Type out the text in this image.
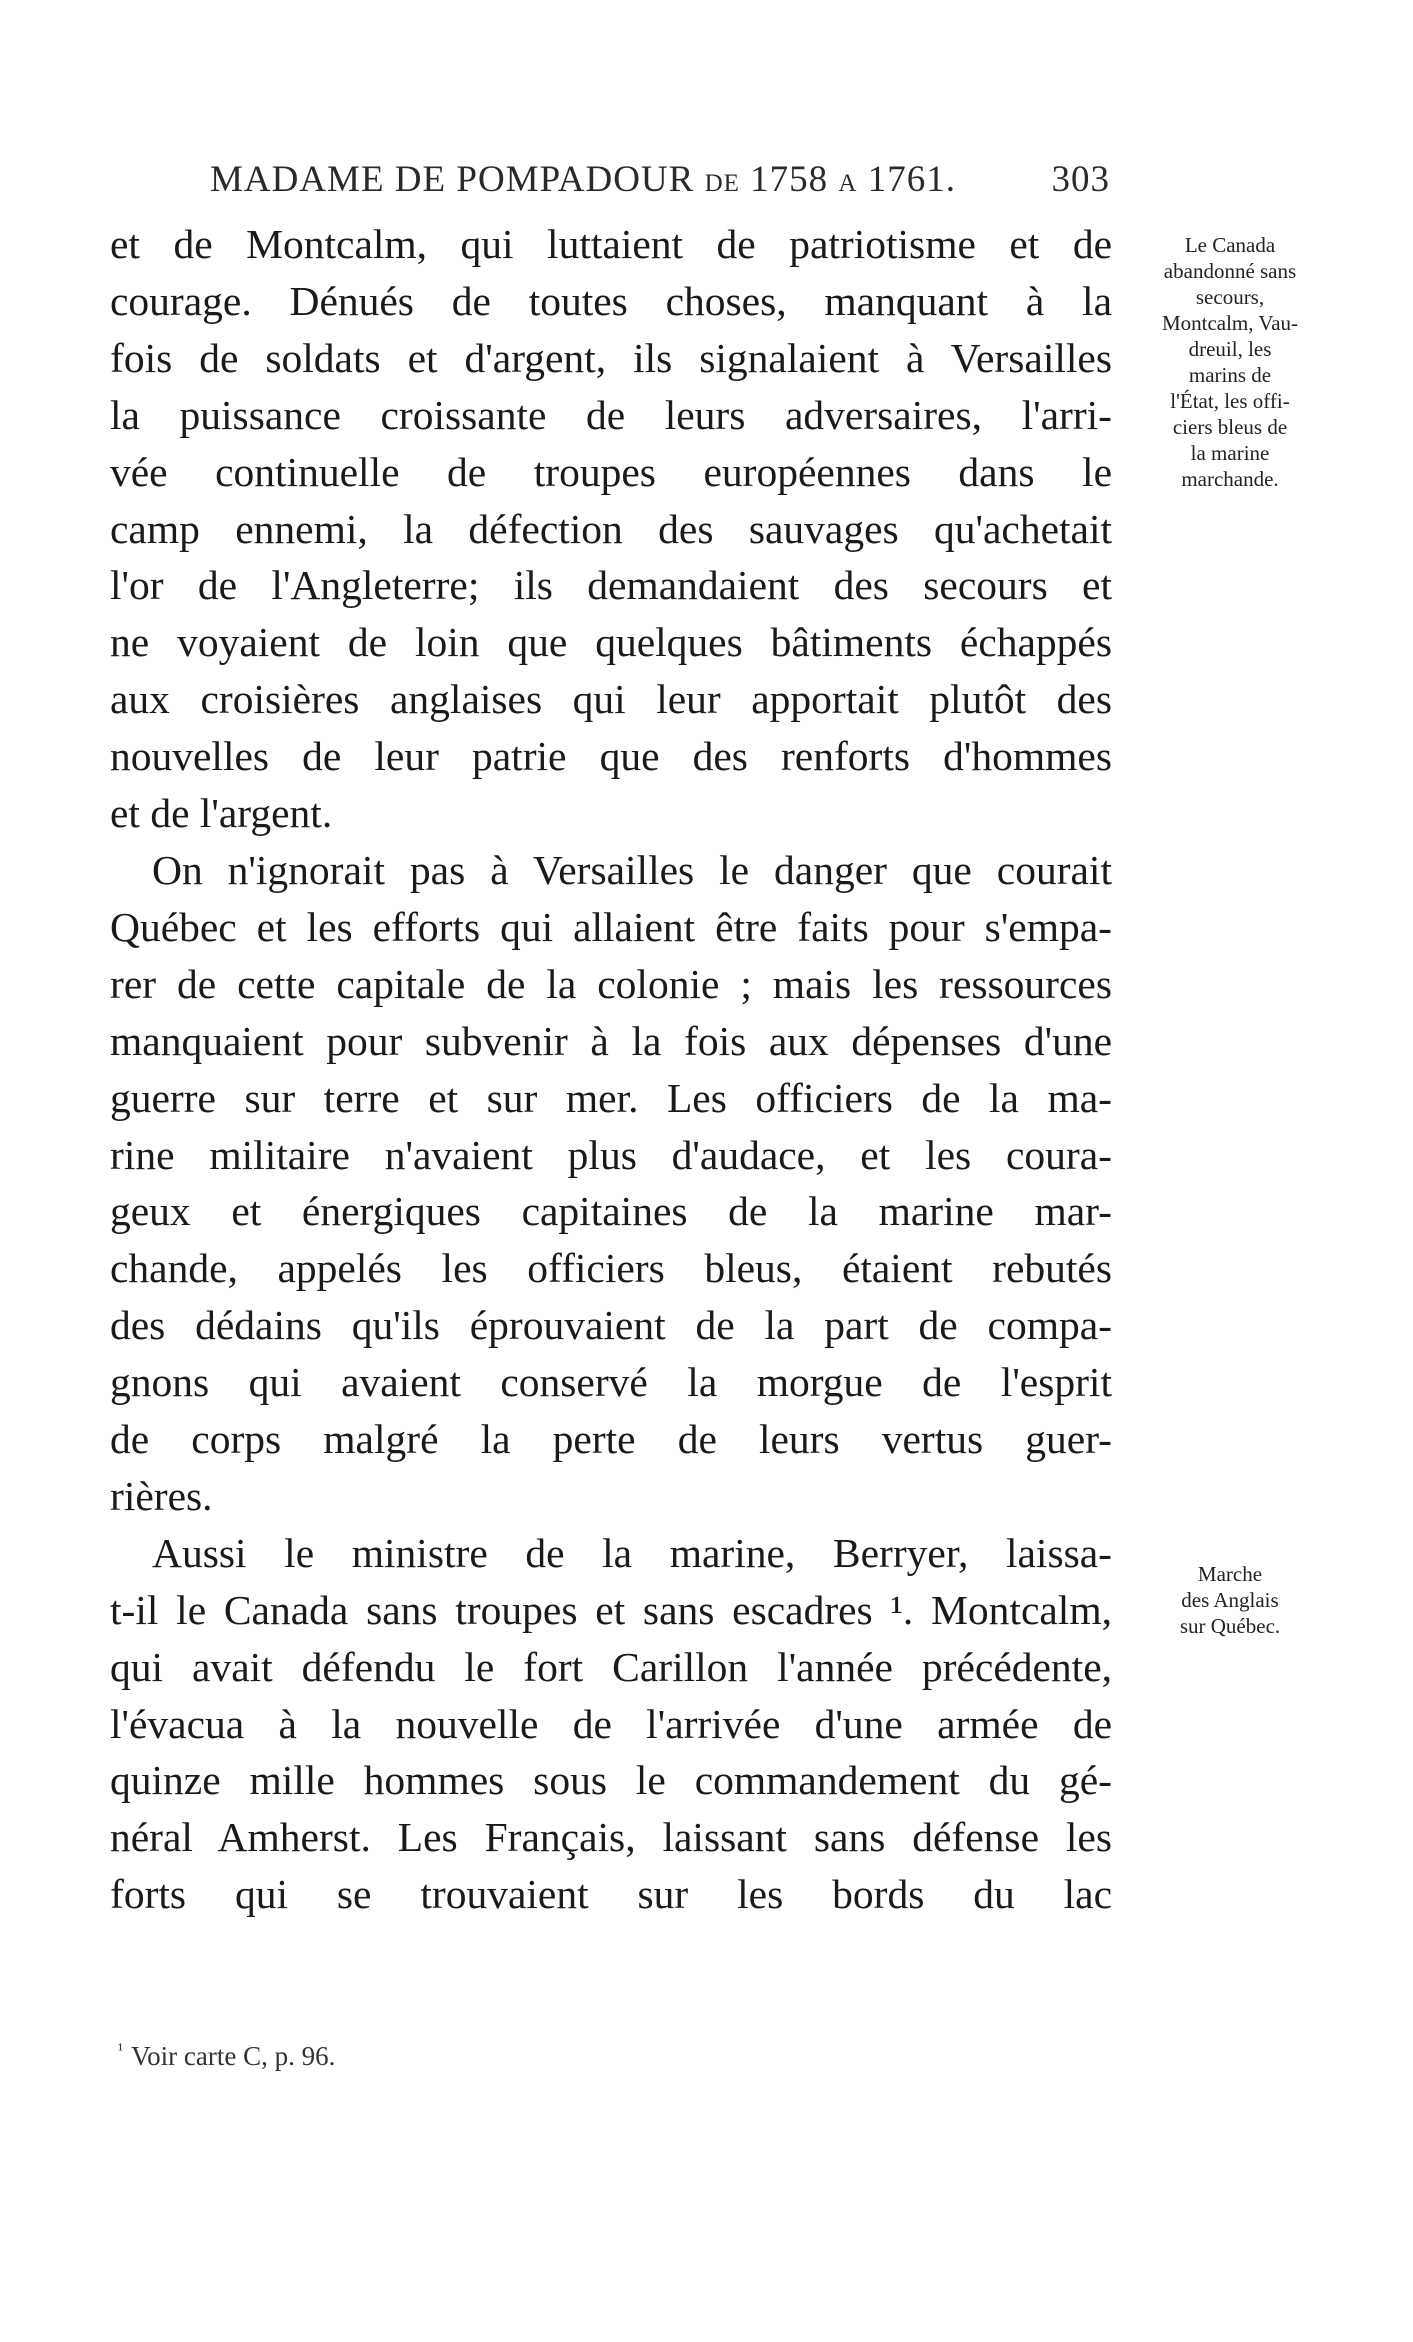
MADAME DE POMPADOUR DE 1758 A 1761.	303

et de Montcalm, qui luttaient de patriotisme et de
courage. Dénués de toutes choses, manquant à la
fois de soldats et d'argent, ils signalaient à Versailles
la puissance croissante de leurs adversaires, l'arri-
vée continuelle de troupes européennes dans le
camp ennemi, la défection des sauvages qu'achetait
l'or de l'Angleterre; ils demandaient des secours et
ne voyaient de loin que quelques bâtiments échappés
aux croisières anglaises qui leur apportait plutôt des
nouvelles de leur patrie que des renforts d'hommes
et de l'argent.

On n'ignorait pas à Versailles le danger que courait
Québec et les efforts qui allaient être faits pour s'empa-
rer de cette capitale de la colonie ; mais les ressources
manquaient pour subvenir à la fois aux dépenses d'une
guerre sur terre et sur mer. Les officiers de la ma-
rine militaire n'avaient plus d'audace, et les coura-
geux et énergiques capitaines de la marine mar-
chande, appelés les officiers bleus, étaient rebutés
des dédains qu'ils éprouvaient de la part de compa-
gnons qui avaient conservé la morgue de l'esprit
de corps malgré la perte de leurs vertus guer-
rières.

Aussi le ministre de la marine, Berryer, laissa-
t-il le Canada sans troupes et sans escadres ¹. Montcalm,
qui avait défendu le fort Carillon l'année précédente,
l'évacua à la nouvelle de l'arrivée d'une armée de
quinze mille hommes sous le commandement du gé-
néral Amherst. Les Français, laissant sans défense les
forts qui se trouvaient sur les bords du lac

Le Canada
abandonné sans
secours,
Montcalm, Vau-
dreuil, les
marins de
l'État, les offi-
ciers bleus de
la marine
marchande.
Marche
des Anglais
sur Québec.
$^{^1}$ Voir carte C, p. 96.
